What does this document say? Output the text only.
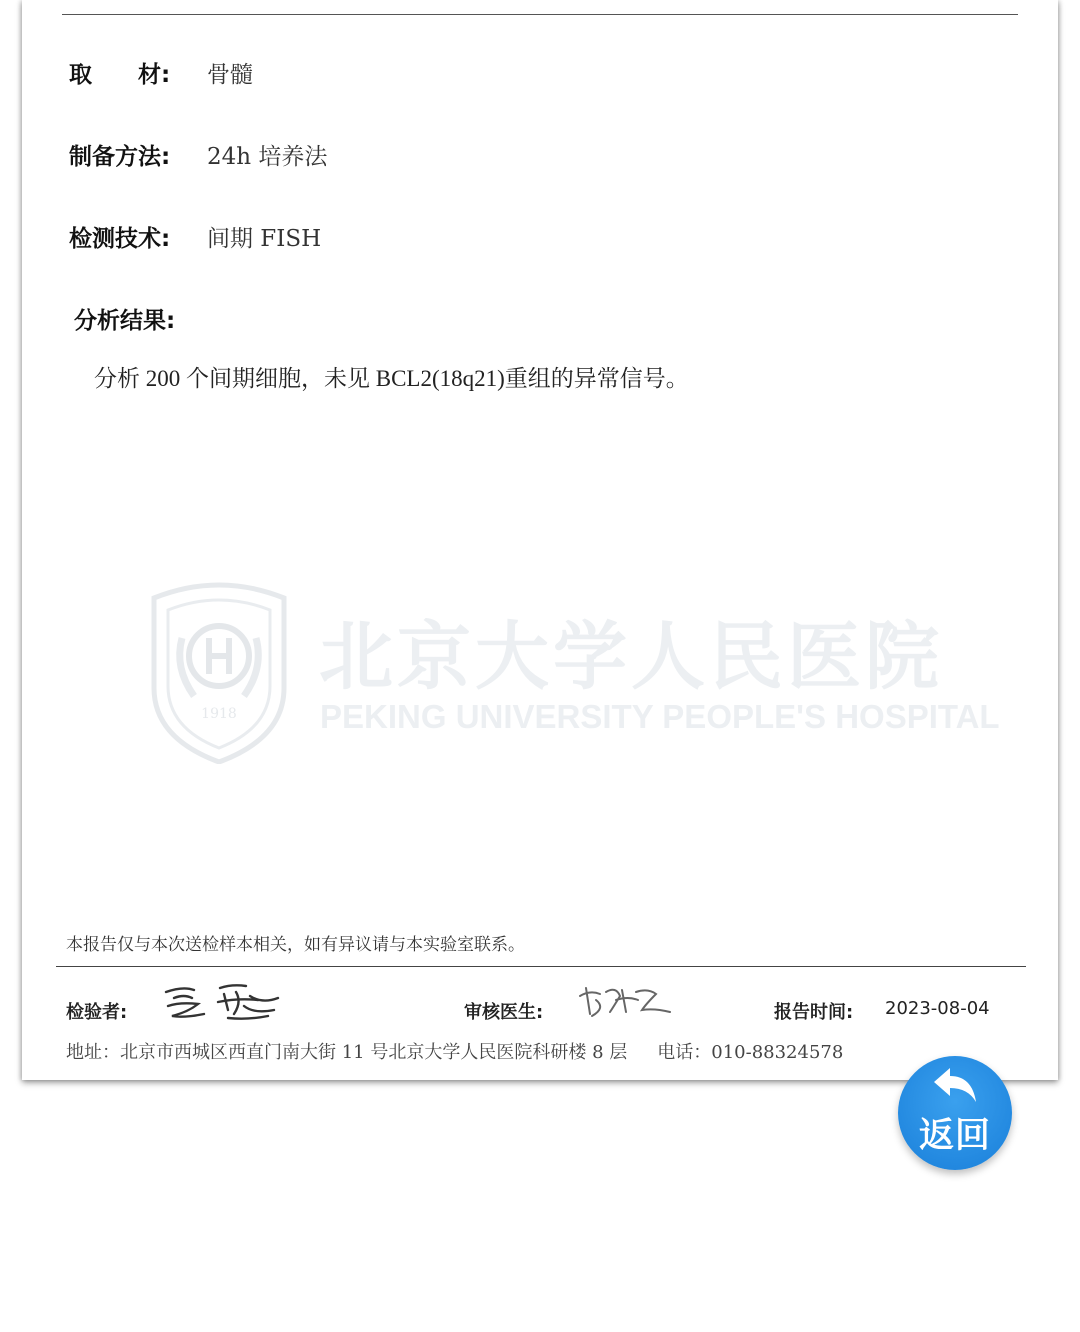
取　　材:	骨髓
制备方法:	24h 培养法
检测技术:	间期 FISH
分析结果:
分析 200 个间期细胞，未见 BCL2(18q21)重组的异常信号。
1918
北京大学人民医院
PEKING UNIVERSITY PEOPLE'S HOSPITAL
本报告仅与本次送检样本相关，如有异议请与本实验室联系。
检验者:	审核医生:	报告时间: 2023-08-04
地址：北京市西城区西直门南大街 11 号北京大学人民医院科研楼 8 层 电话：010-88324578
返回
